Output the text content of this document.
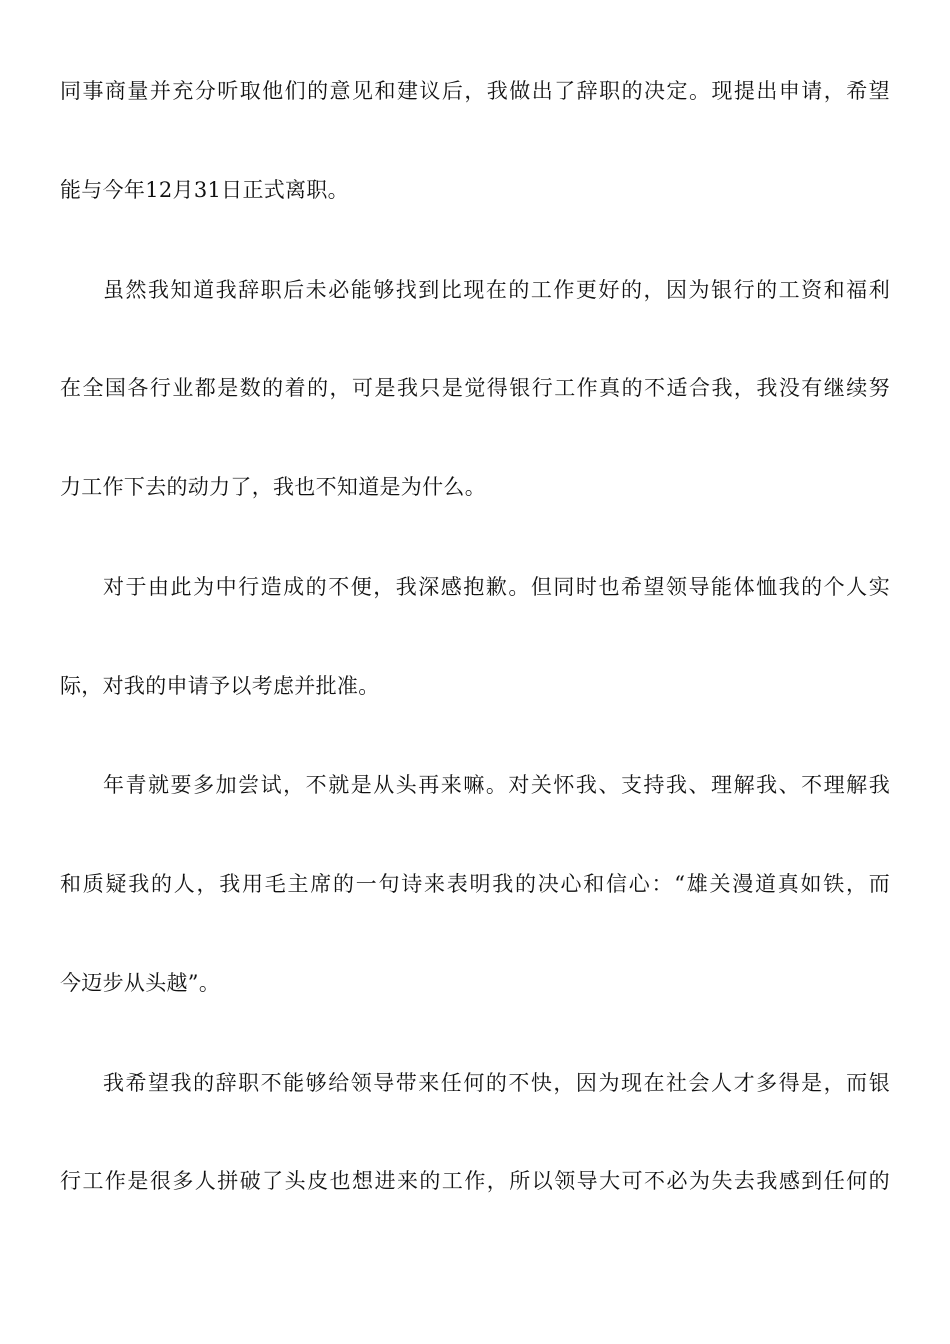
同事商量并充分听取他们的意见和建议后，我做出了辞职的决定。现提出申请，希望
能与今年12月31日正式离职。
虽然我知道我辞职后未必能够找到比现在的工作更好的，因为银行的工资和福利
在全国各行业都是数的着的，可是我只是觉得银行工作真的不适合我，我没有继续努
力工作下去的动力了，我也不知道是为什么。
对于由此为中行造成的不便，我深感抱歉。但同时也希望领导能体恤我的个人实
际，对我的申请予以考虑并批准。
年青就要多加尝试，不就是从头再来嘛。对关怀我、支持我、理解我、不理解我
和质疑我的人，我用毛主席的一句诗来表明我的决心和信心：“雄关漫道真如铁，而
今迈步从头越”。
我希望我的辞职不能够给领导带来任何的不快，因为现在社会人才多得是，而银
行工作是很多人拼破了头皮也想进来的工作，所以领导大可不必为失去我感到任何的
